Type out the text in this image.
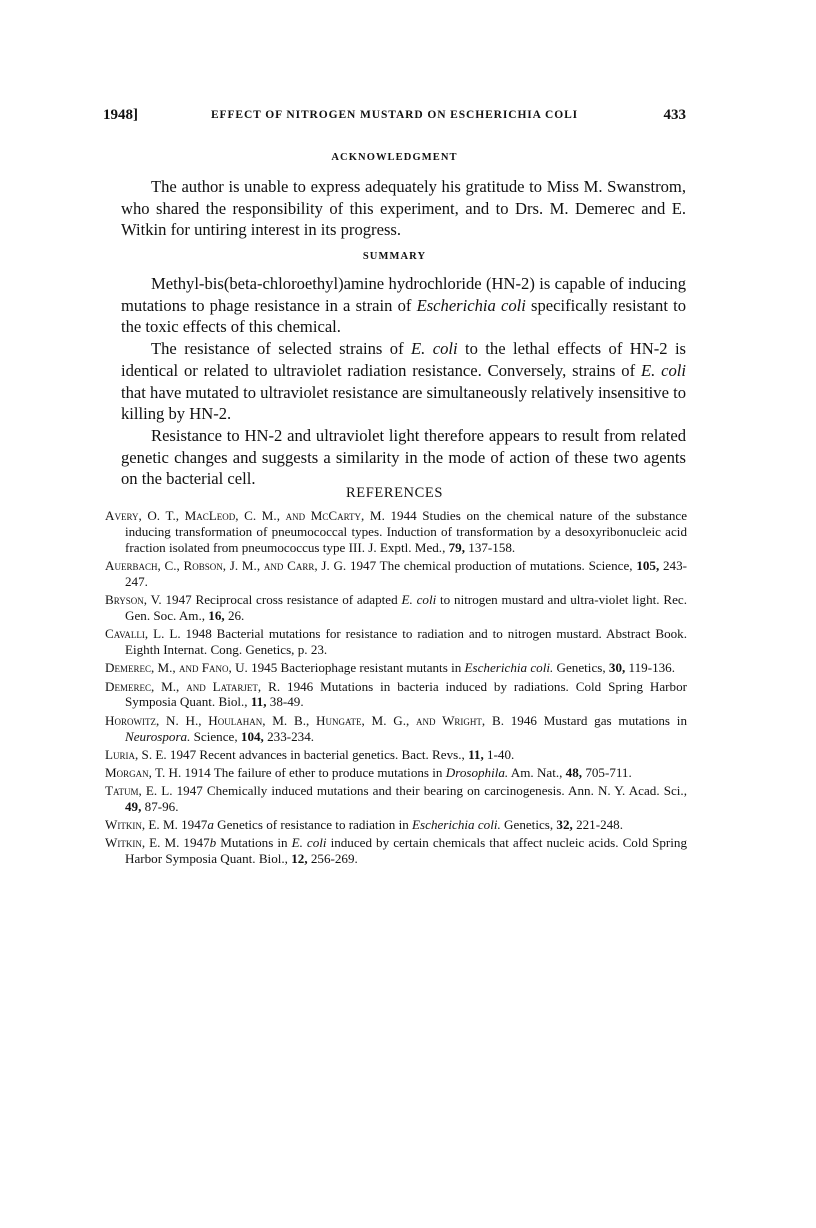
1948]	EFFECT OF NITROGEN MUSTARD ON ESCHERICHIA COLI	433
ACKNOWLEDGMENT

The author is unable to express adequately his gratitude to Miss M. Swanstrom, who shared the responsibility of this experiment, and to Drs. M. Demerec and E. Witkin for untiring interest in its progress.

SUMMARY

Methyl-bis(beta-chloroethyl)amine hydrochloride (HN-2) is capable of inducing mutations to phage resistance in a strain of Escherichia coli specifically resistant to the toxic effects of this chemical.

The resistance of selected strains of E. coli to the lethal effects of HN-2 is identical or related to ultraviolet radiation resistance. Conversely, strains of E. coli that have mutated to ultraviolet resistance are simultaneously relatively insensitive to killing by HN-2.

Resistance to HN-2 and ultraviolet light therefore appears to result from related genetic changes and suggests a similarity in the mode of action of these two agents on the bacterial cell.

REFERENCES

Avery, O. T., MacLeod, C. M., and McCarty, M. 1944 Studies on the chemical nature of the substance inducing transformation of pneumococcal types. Induction of transformation by a desoxyribonucleic acid fraction isolated from pneumococcus type III. J. Exptl. Med., 79, 137-158.

Auerbach, C., Robson, J. M., and Carr, J. G. 1947 The chemical production of mutations. Science, 105, 243-247.

Bryson, V. 1947 Reciprocal cross resistance of adapted E. coli to nitrogen mustard and ultra-violet light. Rec. Gen. Soc. Am., 16, 26.

Cavalli, L. L. 1948 Bacterial mutations for resistance to radiation and to nitrogen mustard. Abstract Book. Eighth Internat. Cong. Genetics, p. 23.

Demerec, M., and Fano, U. 1945 Bacteriophage resistant mutants in Escherichia coli. Genetics, 30, 119-136.

Demerec, M., and Latarjet, R. 1946 Mutations in bacteria induced by radiations. Cold Spring Harbor Symposia Quant. Biol., 11, 38-49.

Horowitz, N. H., Houlahan, M. B., Hungate, M. G., and Wright, B. 1946 Mustard gas mutations in Neurospora. Science, 104, 233-234.

Luria, S. E. 1947 Recent advances in bacterial genetics. Bact. Revs., 11, 1-40.

Morgan, T. H. 1914 The failure of ether to produce mutations in Drosophila. Am. Nat., 48, 705-711.

Tatum, E. L. 1947 Chemically induced mutations and their bearing on carcinogenesis. Ann. N. Y. Acad. Sci., 49, 87-96.

Witkin, E. M. 1947a Genetics of resistance to radiation in Escherichia coli. Genetics, 32, 221-248.

Witkin, E. M. 1947b Mutations in E. coli induced by certain chemicals that affect nucleic acids. Cold Spring Harbor Symposia Quant. Biol., 12, 256-269.
